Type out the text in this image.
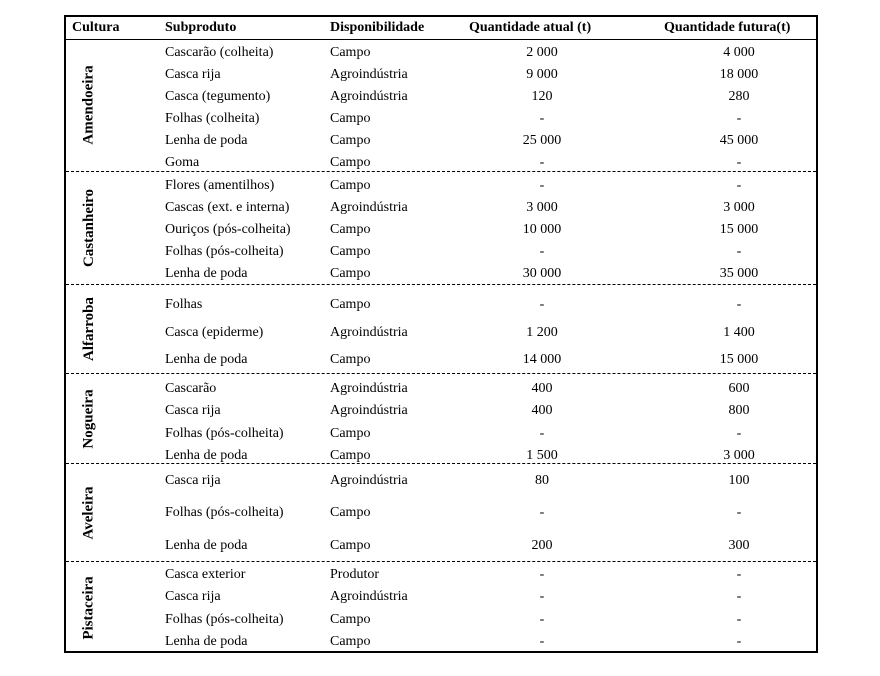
Cultura	Subproduto	Disponibilidade	Quantidade atual (t)	Quantidade futura(t)
Amendoeira
Cascarão (colheita)	Campo	2 000	4 000
Casca rija	Agroindústria	9 000	18 000
Casca (tegumento)	Agroindústria	120	280
Folhas (colheita)	Campo	-	-
Lenha de poda	Campo	25 000	45 000
Goma	Campo	-	-
Castanheiro
Flores (amentilhos)	Campo	-	-
Cascas (ext. e interna)	Agroindústria	3 000	3 000
Ouriços (pós-colheita)	Campo	10 000	15 000
Folhas (pós-colheita)	Campo	-	-
Lenha de poda	Campo	30 000	35 000
Alfarroba	Folhas	Campo	-	-
Casca (epiderme)	Agroindústria	1 200	1 400
Lenha de poda	Campo	14 000	15 000
Nogueira
Cascarão	Agroindústria	400	600
Casca rija	Agroindústria	400	800
Folhas (pós-colheita)	Campo	-	-
Lenha de poda	Campo	1 500	3 000
Aveleira
Casca rija	Agroindústria	80	100
Folhas (pós-colheita)	Campo	-	-
Lenha de poda	Campo	200	300
Pistaceira
Casca exterior	Produtor	-	-
Casca rija	Agroindústria	-	-
Folhas (pós-colheita)	Campo	-	-
Lenha de poda	Campo	-	-
